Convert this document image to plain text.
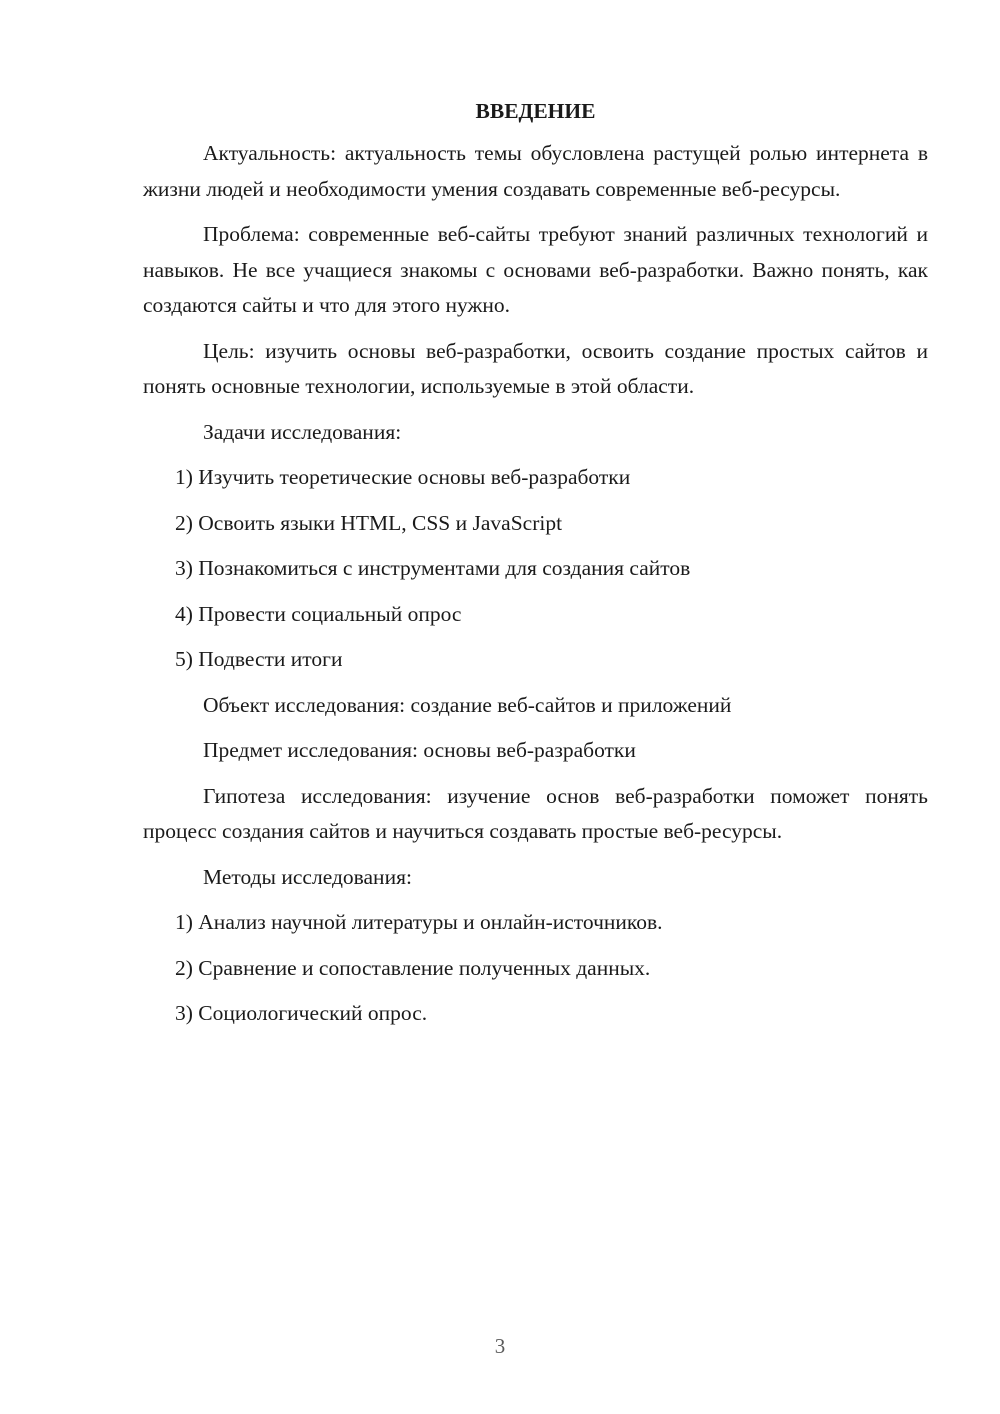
ВВЕДЕНИЕ

Актуальность: актуальность темы обусловлена растущей ролью интернета в жизни людей и необходимости умения создавать современные веб-ресурсы.

Проблема: современные веб-сайты требуют знаний различных технологий и навыков. Не все учащиеся знакомы с основами веб-разработки. Важно понять, как создаются сайты и что для этого нужно.

Цель: изучить основы веб-разработки, освоить создание простых сайтов и понять основные технологии, используемые в этой области.

Задачи исследования:

1) Изучить теоретические основы веб-разработки
2) Освоить языки HTML, CSS и JavaScript
3) Познакомиться с инструментами для создания сайтов
4) Провести социальный опрос
5) Подвести итоги

Объект исследования: создание веб-сайтов и приложений

Предмет исследования: основы веб-разработки

Гипотеза исследования: изучение основ веб-разработки поможет понять процесс создания сайтов и научиться создавать простые веб-ресурсы.

Методы исследования:

1) Анализ научной литературы и онлайн-источников.
2) Сравнение и сопоставление полученных данных.
3) Социологический опрос.
3
